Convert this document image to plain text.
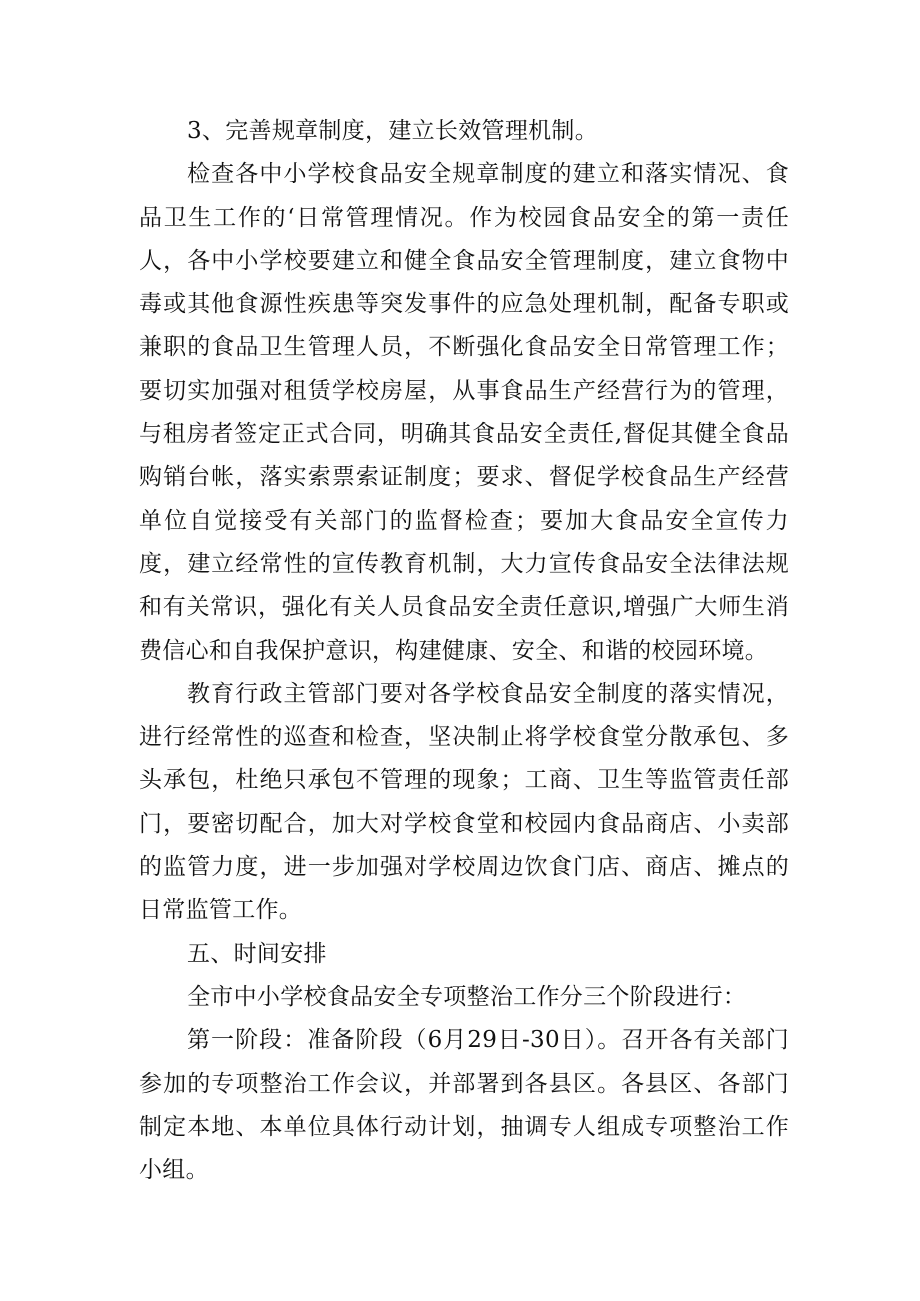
3、完善规章制度，建立长效管理机制。

检查各中小学校食品安全规章制度的建立和落实情况、食品卫生工作的‘日常管理情况。作为校园食品安全的第一责任人，各中小学校要建立和健全食品安全管理制度，建立食物中毒或其他食源性疾患等突发事件的应急处理机制，配备专职或兼职的食品卫生管理人员，不断强化食品安全日常管理工作；要切实加强对租赁学校房屋，从事食品生产经营行为的管理，与租房者签定正式合同，明确其食品安全责任,督促其健全食品购销台帐，落实索票索证制度；要求、督促学校食品生产经营单位自觉接受有关部门的监督检查；要加大食品安全宣传力度，建立经常性的宣传教育机制，大力宣传食品安全法律法规和有关常识，强化有关人员食品安全责任意识,增强广大师生消费信心和自我保护意识，构建健康、安全、和谐的校园环境。

教育行政主管部门要对各学校食品安全制度的落实情况，进行经常性的巡查和检查，坚决制止将学校食堂分散承包、多头承包，杜绝只承包不管理的现象；工商、卫生等监管责任部门，要密切配合，加大对学校食堂和校园内食品商店、小卖部的监管力度，进一步加强对学校周边饮食门店、商店、摊点的日常监管工作。

五、时间安排

全市中小学校食品安全专项整治工作分三个阶段进行：

第一阶段：准备阶段（6月29日-30日）。召开各有关部门参加的专项整治工作会议，并部署到各县区。各县区、各部门制定本地、本单位具体行动计划，抽调专人组成专项整治工作小组。
